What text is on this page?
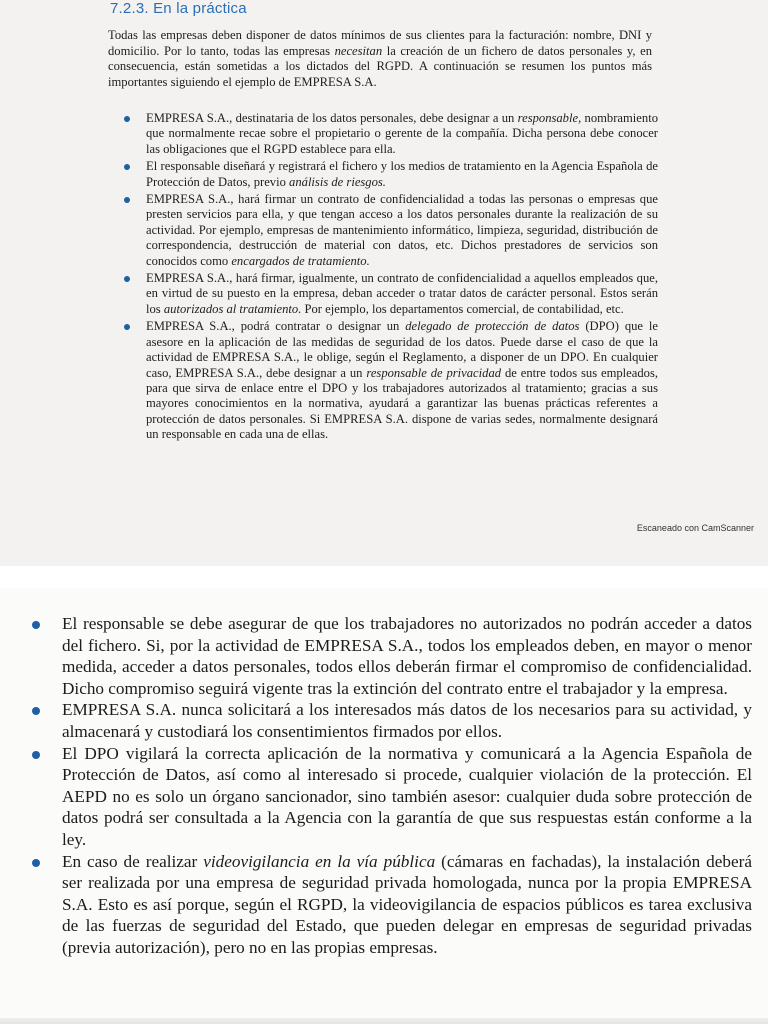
7.2.3. En la práctica
Todas las empresas deben disponer de datos mínimos de sus clientes para la facturación: nombre, DNI y domicilio. Por lo tanto, todas las empresas necesitan la creación de un fichero de datos personales y, en consecuencia, están sometidas a los dictados del RGPD. A continuación se resumen los puntos más importantes siguiendo el ejemplo de EMPRESA S.A.
EMPRESA S.A., destinataria de los datos personales, debe designar a un responsable, nombramiento que normalmente recae sobre el propietario o gerente de la compañía. Dicha persona debe conocer las obligaciones que el RGPD establece para ella.
El responsable diseñará y registrará el fichero y los medios de tratamiento en la Agencia Española de Protección de Datos, previo análisis de riesgos.
EMPRESA S.A., hará firmar un contrato de confidencialidad a todas las personas o empresas que presten servicios para ella, y que tengan acceso a los datos personales durante la realización de su actividad. Por ejemplo, empresas de mantenimiento informático, limpieza, seguridad, distribución de correspondencia, destrucción de material con datos, etc. Dichos prestadores de servicios son conocidos como encargados de tratamiento.
EMPRESA S.A., hará firmar, igualmente, un contrato de confidencialidad a aquellos empleados que, en virtud de su puesto en la empresa, deban acceder o tratar datos de carácter personal. Estos serán los autorizados al tratamiento. Por ejemplo, los departamentos comercial, de contabilidad, etc.
EMPRESA S.A., podrá contratar o designar un delegado de protección de datos (DPO) que le asesore en la aplicación de las medidas de seguridad de los datos. Puede darse el caso de que la actividad de EMPRESA S.A., le oblige, según el Reglamento, a disponer de un DPO. En cualquier caso, EMPRESA S.A., debe designar a un responsable de privacidad de entre todos sus empleados, para que sirva de enlace entre el DPO y los trabajadores autorizados al tratamiento; gracias a sus mayores conocimientos en la normativa, ayudará a garantizar las buenas prácticas referentes a protección de datos personales. Si EMPRESA S.A. dispone de varias sedes, normalmente designará un responsable en cada una de ellas.
Escaneado con CamScanner
El responsable se debe asegurar de que los trabajadores no autorizados no podrán acceder a datos del fichero. Si, por la actividad de EMPRESA S.A., todos los empleados deben, en mayor o menor medida, acceder a datos personales, todos ellos deberán firmar el compromiso de confidencialidad. Dicho compromiso seguirá vigente tras la extinción del contrato entre el trabajador y la empresa.
EMPRESA S.A. nunca solicitará a los interesados más datos de los necesarios para su actividad, y almacenará y custodiará los consentimientos firmados por ellos.
El DPO vigilará la correcta aplicación de la normativa y comunicará a la Agencia Española de Protección de Datos, así como al interesado si procede, cualquier violación de la protección. El AEPD no es solo un órgano sancionador, sino también asesor: cualquier duda sobre protección de datos podrá ser consultada a la Agencia con la garantía de que sus respuestas están conforme a la ley.
En caso de realizar videovigilancia en la vía pública (cámaras en fachadas), la instalación deberá ser realizada por una empresa de seguridad privada homologada, nunca por la propia EMPRESA S.A. Esto es así porque, según el RGPD, la videovigilancia de espacios públicos es tarea exclusiva de las fuerzas de seguridad del Estado, que pueden delegar en empresas de seguridad privadas (previa autorización), pero no en las propias empresas.
